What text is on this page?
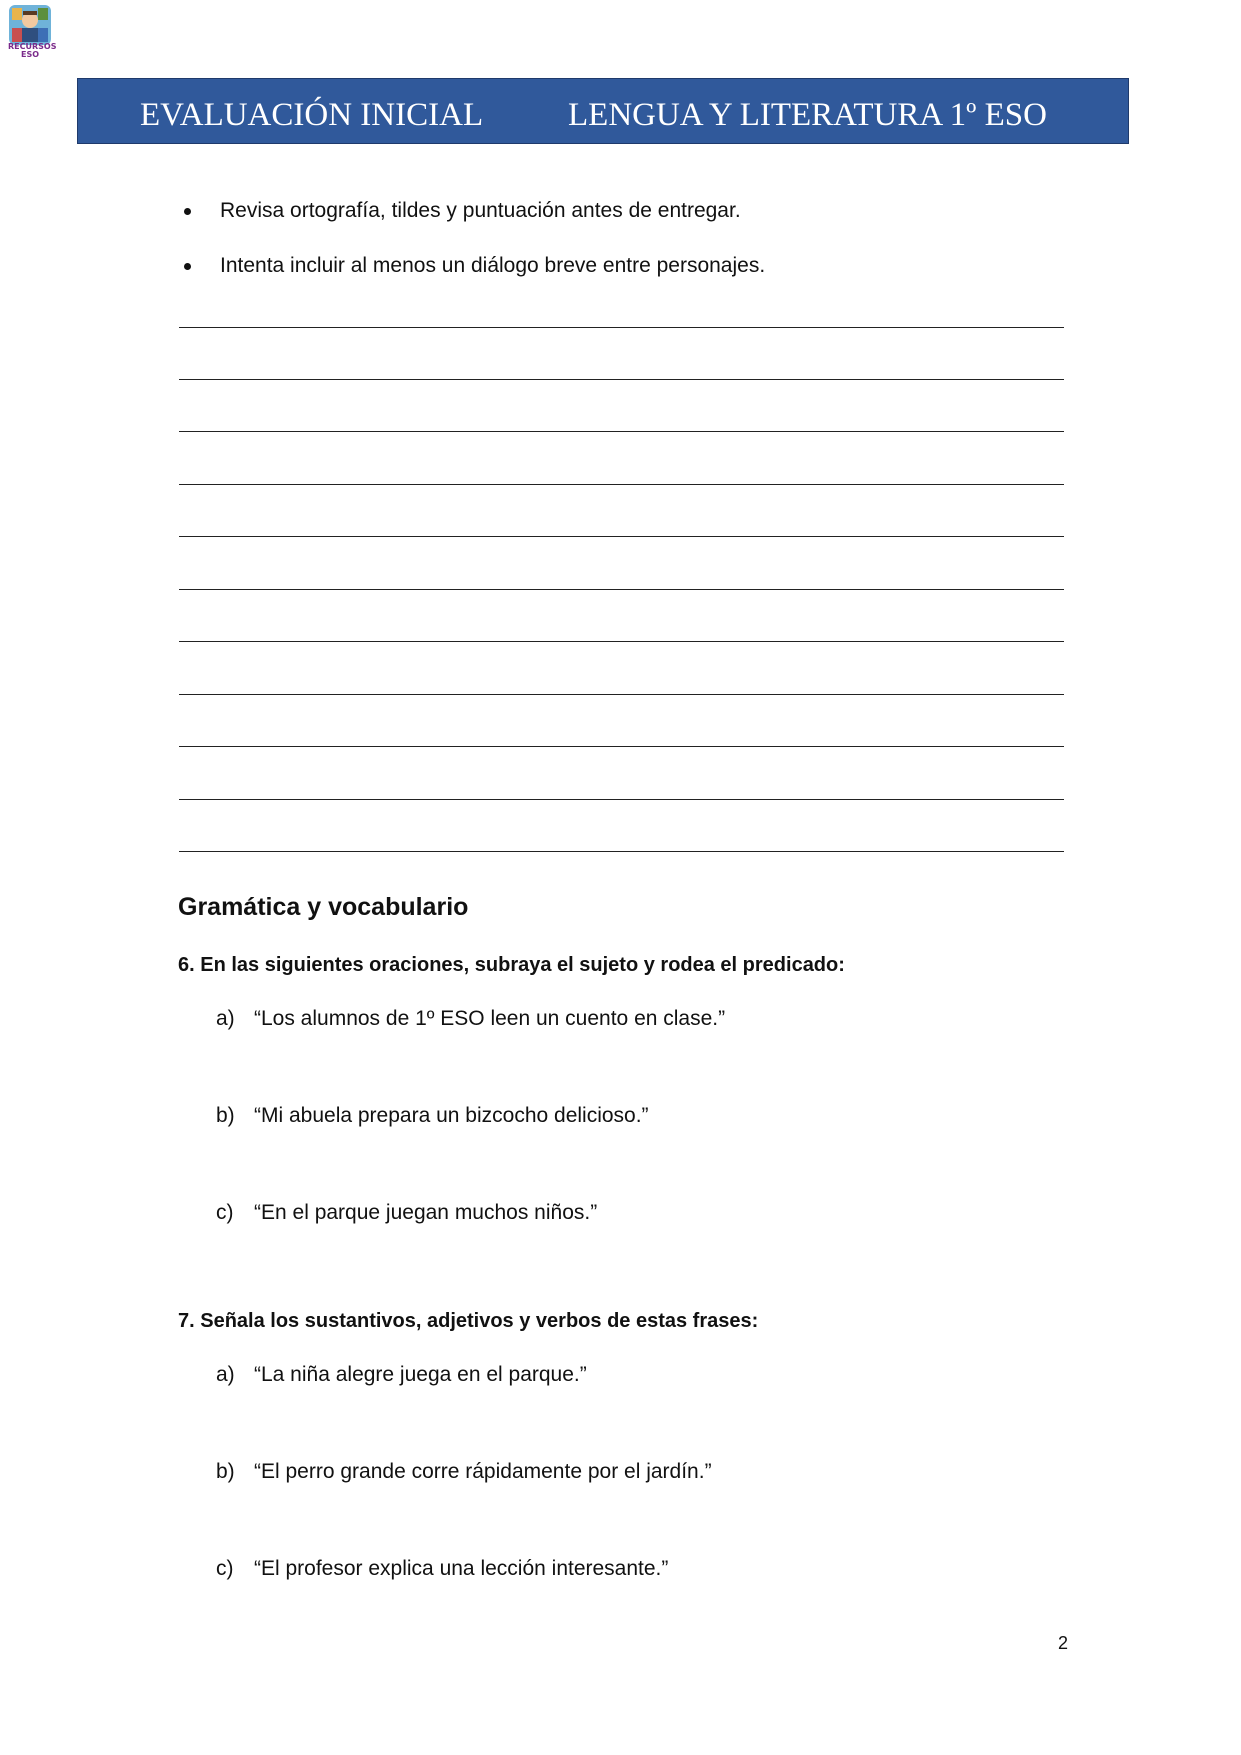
RECURSOS
ESO
EVALUACIÓN INICIAL	LENGUA Y LITERATURA 1º ESO
Revisa ortografía, tildes y puntuación antes de entregar.
Intenta incluir al menos un diálogo breve entre personajes.
Gramática y vocabulario
6. En las siguientes oraciones, subraya el sujeto y rodea el predicado:
a) “Los alumnos de 1º ESO leen un cuento en clase.”
b) “Mi abuela prepara un bizcocho delicioso.”
c) “En el parque juegan muchos niños.”
7. Señala los sustantivos, adjetivos y verbos de estas frases:
a) “La niña alegre juega en el parque.”
b) “El perro grande corre rápidamente por el jardín.”
c) “El profesor explica una lección interesante.”
2
